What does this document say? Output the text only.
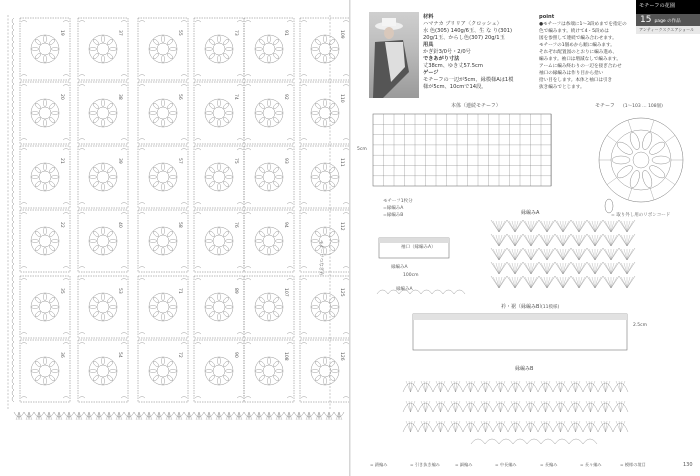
19	37	55	73	91	109
20	38	56	74	92	110
21	39	57	75	93	111
22	40	58	76	94	112
35	53	71	89	107	125
36	54	72	90	108	126
モチーフつなぎ方
材料
ハマナカ ブリリア〈クロッシェ〉
水 色(305) 140g/6玉、生 な り(301)
20g/1玉、からし色(307) 20g/1玉
用具
かぎ針3/0号・2/0号
できあがり寸法
丈38cm、ゆき丈57.5cm
ゲージ
モチーフの一辺が5cm、縁模様Aは1模
様が5cm、10cmで14段。
point
●モチーフは糸端に1〜3段めまでを指定の
色で編みます。続けて4・5段めは
図を参照して連続で編み合わせます。
モチーフの1個めから順に編みます。
それぞれ配置図のとおりに編み進め、
編みます。袖口は増減なしで編みます。
アームに編み終わりの一辺を接ぎ合わせ
袖口の縁編みは作り目から拾い
拾い目をします。本体と袖口は引き
抜き編みでとじます。
モチーフの花園
15 page の作品
アンティークスクエアショール
本体（連続モチーフ）
5cm
モチーフ1枚分
=縁編みA
=縁編みB
モチーフ (1〜103 … 108個)
= 取り外し用のリボンコード
縁編みA
袖口（縁編みA）
縁編みA
100cm
縁編みA
衿・裾（縁編みB）
(11模様)
2.5cm
縁編みB
= 鎖編み	= 引き抜き編み	= 細編み	= 中長編み	= 長編み	= 長々編み	= 模様の境目	130
